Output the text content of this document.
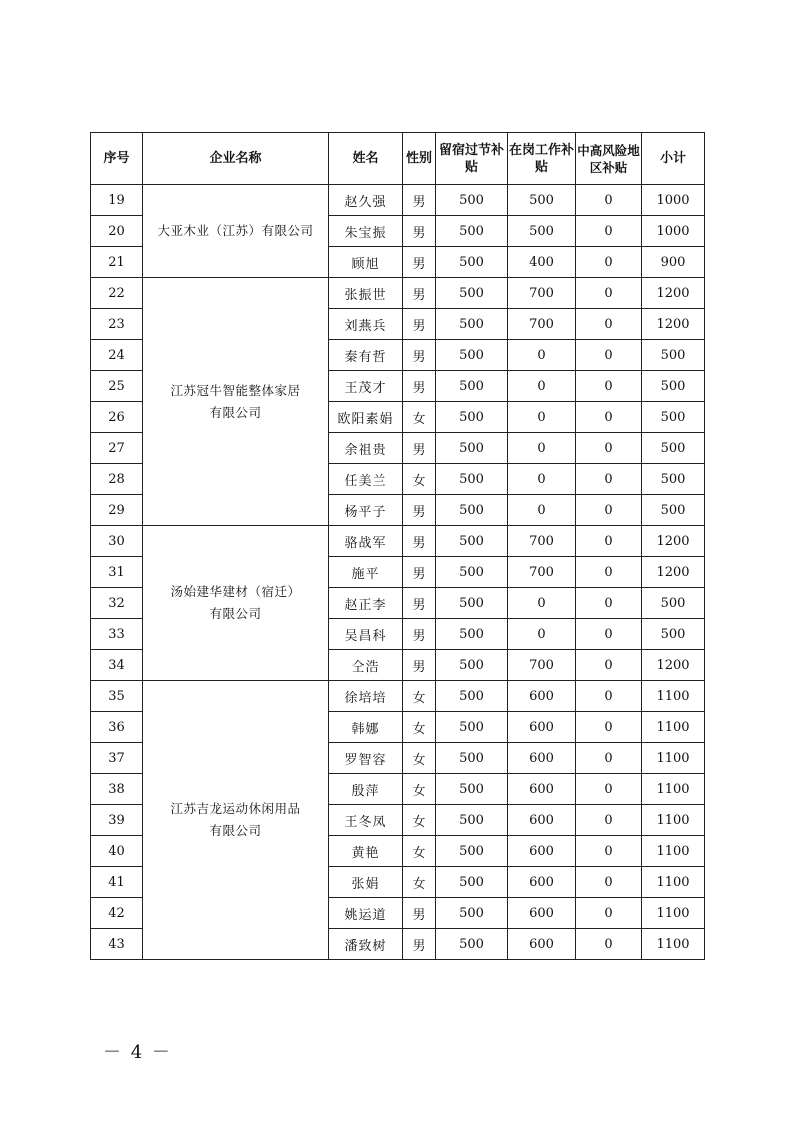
序号	企业名称	姓名	性别	留宿过节补贴	在岗工作补贴	中高风险地区补贴	小计
19	大亚木业（江苏）有限公司	赵久强	男	500	500	0	1000
20		朱宝振	男	500	500	0	1000
21		顾旭	男	500	400	0	900
22	江苏冠牛智能整体家居
有限公司	张振世	男	500	700	0	1200
23		刘燕兵	男	500	700	0	1200
24		秦有哲	男	500	0	0	500
25		王茂才	男	500	0	0	500
26		欧阳素娟	女	500	0	0	500
27		余祖贵	男	500	0	0	500
28		任美兰	女	500	0	0	500
29		杨平子	男	500	0	0	500
30	汤始建华建材（宿迁）
有限公司	骆战军	男	500	700	0	1200
31		施平	男	500	700	0	1200
32		赵正李	男	500	0	0	500
33		吴昌科	男	500	0	0	500
34		仝浩	男	500	700	0	1200
35	江苏吉龙运动休闲用品
有限公司	徐培培	女	500	600	0	1100
36		韩娜	女	500	600	0	1100
37		罗智容	女	500	600	0	1100
38		殷萍	女	500	600	0	1100
39		王冬凤	女	500	600	0	1100
40		黄艳	女	500	600	0	1100
41		张娟	女	500	600	0	1100
42		姚运道	男	500	600	0	1100
43		潘致树	男	500	600	0	1100
－ 4 －
